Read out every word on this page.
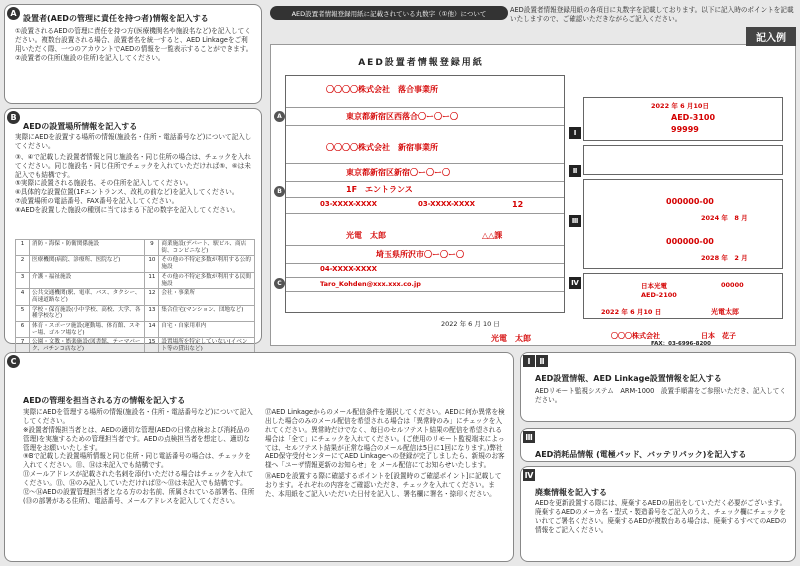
A
設置者(AEDの管理に責任を持つ者)情報を記入する

①設置されるAEDの管理に責任を持つ方(医療機関名や施設名など)を記入してください。複数台設置される場合、設置者名を統一すると、AED Linkageをご利用いただく際、一つのアカウントでAEDの情報を一覧表示することができます。

②設置者の住所(施設の住所)を記入してください。

B
AEDの設置場所情報を記入する

実際にAEDを設置する場所の情報(施設名・住所・電話番号など)について記入してください。

③、④で記載した設置者情報と同じ施設名・同じ住所の場合は、チェックを入れてください。同じ施設名・同じ住所でチェックを入れていただければ⑤、⑥は未記入でも結構です。

⑤実際に設置される施設名、その住所を記入してください。

⑥具体的な設置位置(1Fエントランス、改札の前など)を記入してください。

⑦設置場所の電話番号、FAX番号を記入してください。

⑧AEDを設置した施設の種別に当てはまる下記の数字を記入してください。

1	消防・海保・防衛関係施設	9	商業施設(デパート、駅ビル、商店街、コンビニなど)
2	医療機関(病院、診療所、医院など)	10	その他の不特定多数が利用する公的施設
3	介護・福祉施設	11	その他の不特定多数が利用する民間施設
4	公共交通機関(駅、電車、バス、タクシー、高速道路など)	12	会社・事業所
5	学校・保育施設(小中学校、高校、大学、各種学校など)	13	集合住宅(マンション、団地など)
6	体育・スポーツ施設(運動場、体育館、スキー場、ゴルフ場など)	14	自宅・自家用車内
7	公園・文教・娯楽施設(図書館、テーマパーク、パチンコ店など)	15	設置場所を特定していない(イベント等の貸出など)

C
AEDの管理を担当される方の情報を記入する

実際にAEDを管理する場所の情報(施設名・住所・電話番号など)について記入してください。

※設置者情報担当者とは、AEDの適切な管理(AEDの日常点検および消耗品の管理)を実施するための管理担当者です。AEDの点検担当者を想定し、適切な管理をお願いいたします。

⑨Bで記載した設置場所情報と同じ住所・同じ電話番号の場合は、チェックを入れてください。⑪、⑭は未記入でも結構です。

⑪メールアドレスが記載された名刺を添付いただける場合はチェックを入れてください。⑪、⑭のみ記入していただければ⑫〜⑬は未記入でも結構です。

⑫〜⑭AEDの設置管理担当者となる方のお名前、所属されている部署名、住所(⑬の部署がある住所)、電話番号、メールアドレスを記入してください。

⑰AED Linkageからのメール配信条件を選択してください。AEDに何か異常を検出した場合のみのメール配信を希望される場合は「異常時のみ」にチェックを入れてください。異常時だけでなく、毎日のセルフテスト結果の配信を希望される場合は「全て」にチェックを入れてください。(ご使用のリモート監視端末によっては、セルフテスト結果が正常な場合のメール配信は5日に1回になります。)弊社AED保守受付センターにてAED Linkageへの登録が完了しましたら、新規のお客様へ「ユーザ情報更新のお知らせ」を メール配信にてお知らせいたします。

⑱AEDを設置する際に確認するポイントを[設置時のご確認ポイント]に記載しております。それぞれの内容をご確認いただき、チェックを入れてください。また、本用紙をご記入いただいた日付を記入し、署名欄に署名・捺印ください。

Ⅰ	Ⅱ
AED設置情報、AED Linkage設置情報を記入する
AEDリモート監視システム　ARM-1000　設置手順書をご参照いただき、記入してください。
Ⅲ
AED消耗品情報 (電極パッド、バッテリパック)を記入する
Ⅳ
廃棄情報を記入する
AEDを更新設置する際には、廃棄するAEDの届出をしていただく必要がございます。廃棄するAEDのメーカ名・型式・製造番号をご記入のうえ、チェック欄にチェックをいれてご署名ください。廃棄するAEDが複数台ある場合は、廃棄するすべてのAEDの情報をご記入ください。
AED設置者情報登録用紙に記載されている丸数字（①他）について	AED設置者情報登録用紙の各項目に丸数字を記載しております。以下に記入時のポイントを記載いたしますので、ご確認いただきながらご記入ください。
記入例
AED設置者情報登録用紙
A
B
C
〇〇〇〇株式会社　落合事業所
東京都新宿区西落合〇ー〇ー〇
〇〇〇〇株式会社　新宿事業所
東京都新宿区新宿〇ー〇ー〇
1F　エントランス
03-XXXX-XXXX	03-XXXX-XXXX	12
光電　太郎	△△課
埼玉県所沢市〇ー〇ー〇
04-XXXX-XXXX
Taro_Kohden@xxx.xxx.co.jp
2022 年 6 月 10 日
光電　太郎
Ⅰ
Ⅱ
Ⅲ
Ⅳ
2022 年 6 月10日
AED-3100
99999
000000-00
2024 年　8 月
000000-00
2028 年　2 月
日本光電
AED-2100
00000
2022 年 6 月10 日	光電太郎
〇〇〇株式会社	日本　花子
FAX：03-6996-8200
